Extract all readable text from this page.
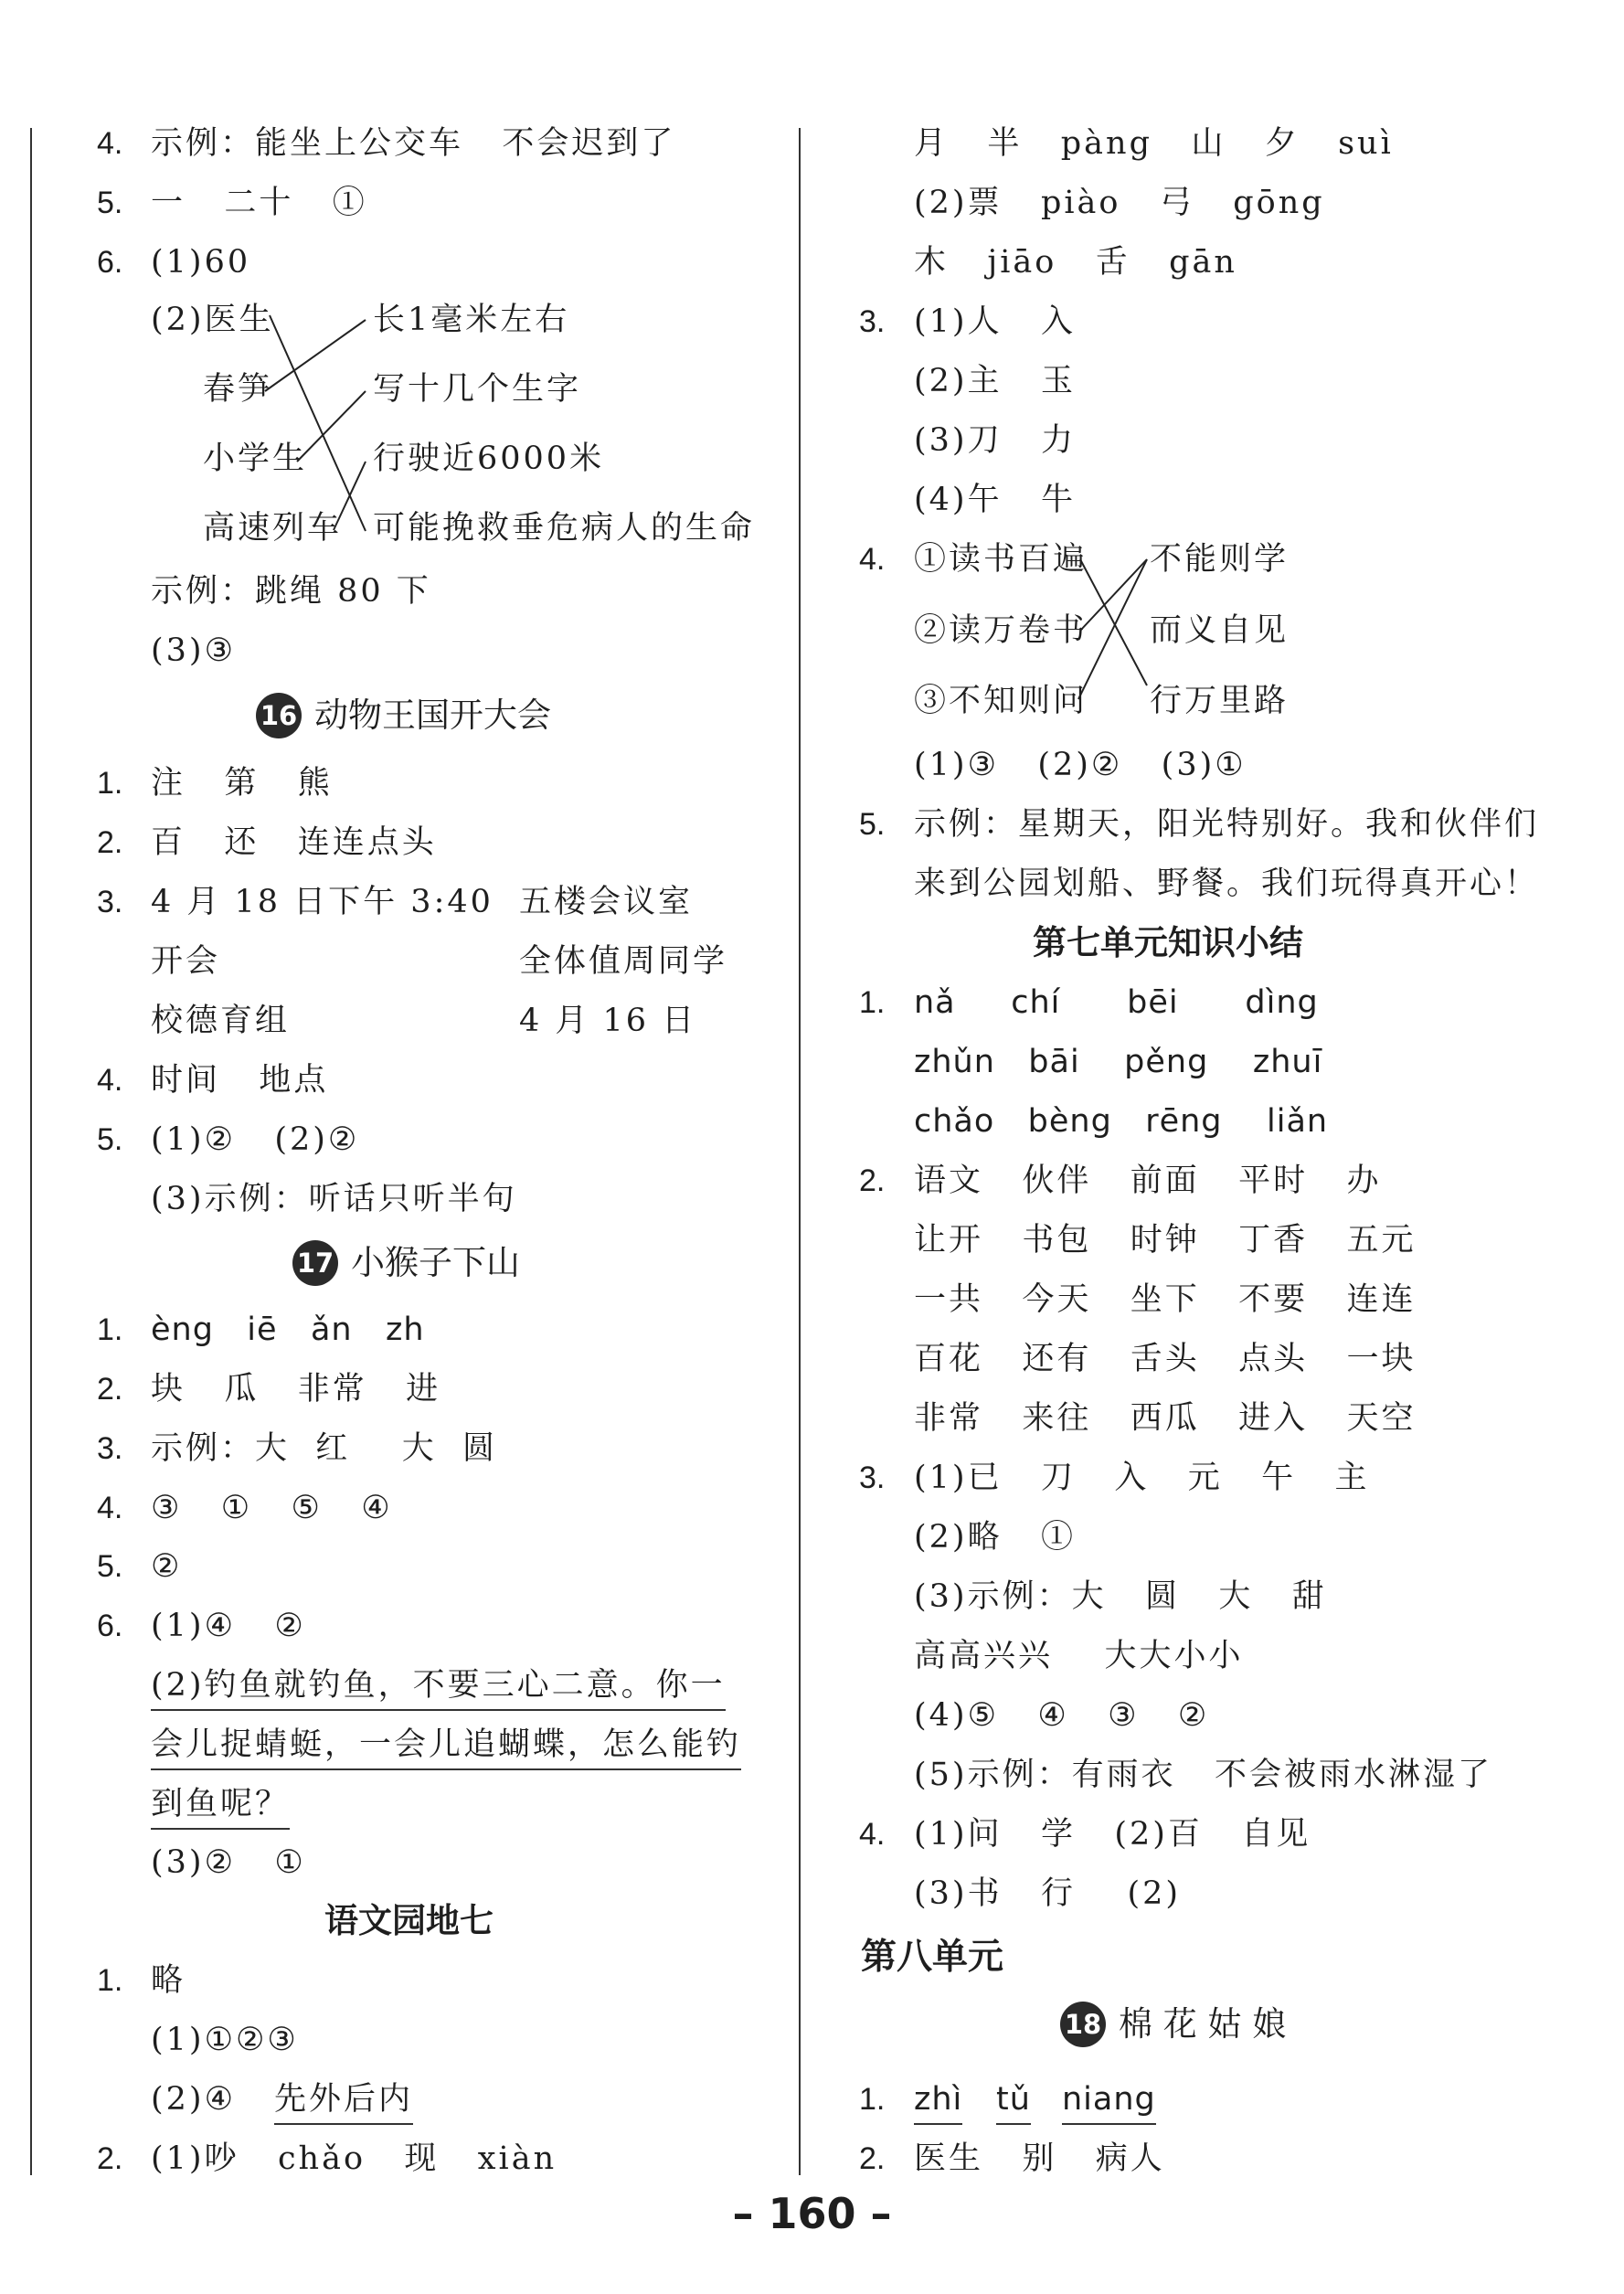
4. 示例：能坐上公交车   不会迟到了
5. 一   二十   ①
6. (1)60
(2)医生
春笋
小学生
高速列车
长1毫米左右
写十几个生字
行驶近6000米
可能挽救垂危病人的生命
示例：跳绳 80 下
(3)③
16 动物王国开大会
1. 注   第   熊
2. 百   还   连连点头
3. 4 月 18 日下午 3:40 五楼会议室
开会	全体值周同学
校德育组	4 月 16 日
4. 时间   地点
5. (1)②   (2)②
(3)示例：听话只听半句
17 小猴子下山
1. èng   iē   ǎn   zh
2. 块   瓜   非常   进
3. 示例：大  红    大  圆
4. ③   ①   ⑤   ④
5. ②
6. (1)④   ②
(2)钓鱼就钓鱼，不要三心二意。你一
会儿捉蜻蜓，一会儿追蝴蝶，怎么能钓
到鱼呢？
(3)②   ①
语文园地七
1. 略
(1)①②③
(2)④ 先外后内
2. (1)吵   chǎo   现   xiàn
月   半   pàng   山   夕   suì
(2)票   piào   弓   gōng
木   jiāo   舌   gān
3. (1)人   入
(2)主   玉
(3)刀   力
(4)午   牛
4. ①读书百遍
②读万卷书
③不知则问
不能则学
而义自见
行万里路
(1)③   (2)②   (3)①
5. 示例：星期天，阳光特别好。我和伙伴们
来到公园划船、野餐。我们玩得真开心！
第七单元知识小结
1. nǎ     chí      bēi      dìng
zhǔn   bāi    pěng    zhuī
chǎo   bèng   rēng    liǎn
2. 语文   伙伴   前面   平时   办
让开   书包   时钟   丁香   五元
一共   今天   坐下   不要   连连
百花   还有   舌头   点头   一块
非常   来往   西瓜   进入   天空
3. (1)已   刀   入   元   午   主
(2)略   ①
(3)示例：大   圆   大   甜
高高兴兴    大大小小
(4)⑤   ④   ③   ②
(5)示例：有雨衣   不会被雨水淋湿了
4. (1)问   学   (2)百   自见
(3)书   行    (2)
第八单元
18 棉 花 姑 娘
1. zhì tǔ niang
2. 医生   别   病人
– 160 –
